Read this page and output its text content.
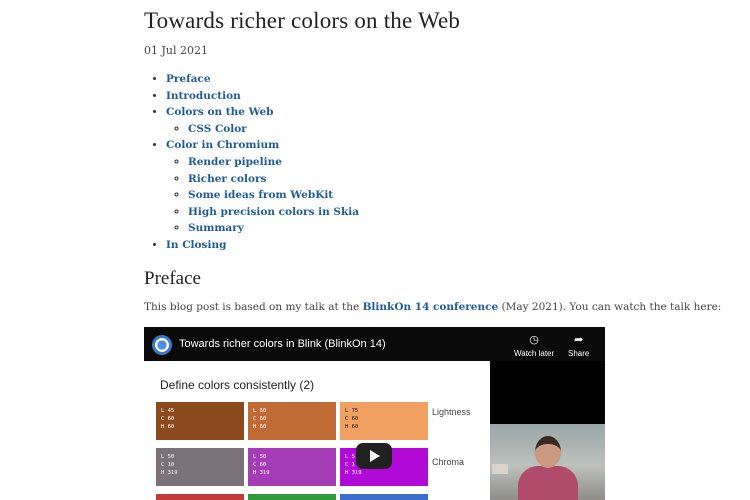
Towards richer colors on the Web
01 Jul 2021
• Preface
• Introduction
• Colors on the Web
◦ CSS Color
• Color in Chromium
◦ Render pipeline
◦ Richer colors
◦ Some ideas from WebKit
◦ High precision colors in Skia
◦ Summary
• In Closing
Preface
This blog post is based on my talk at the BlinkOn 14 conference (May 2021). You can watch the talk here:
Towards richer colors in Blink (BlinkOn 14)	◷
Watch later
➦
Share
Define colors consistently (2)
L 45
C 60
H 60
L 60
C 60
H 60
L 75
C 60
H 60
Lightness
L 50
C 10
H 319
L 50
C 60
H 319
L 5
C 1
H 319
Chroma
